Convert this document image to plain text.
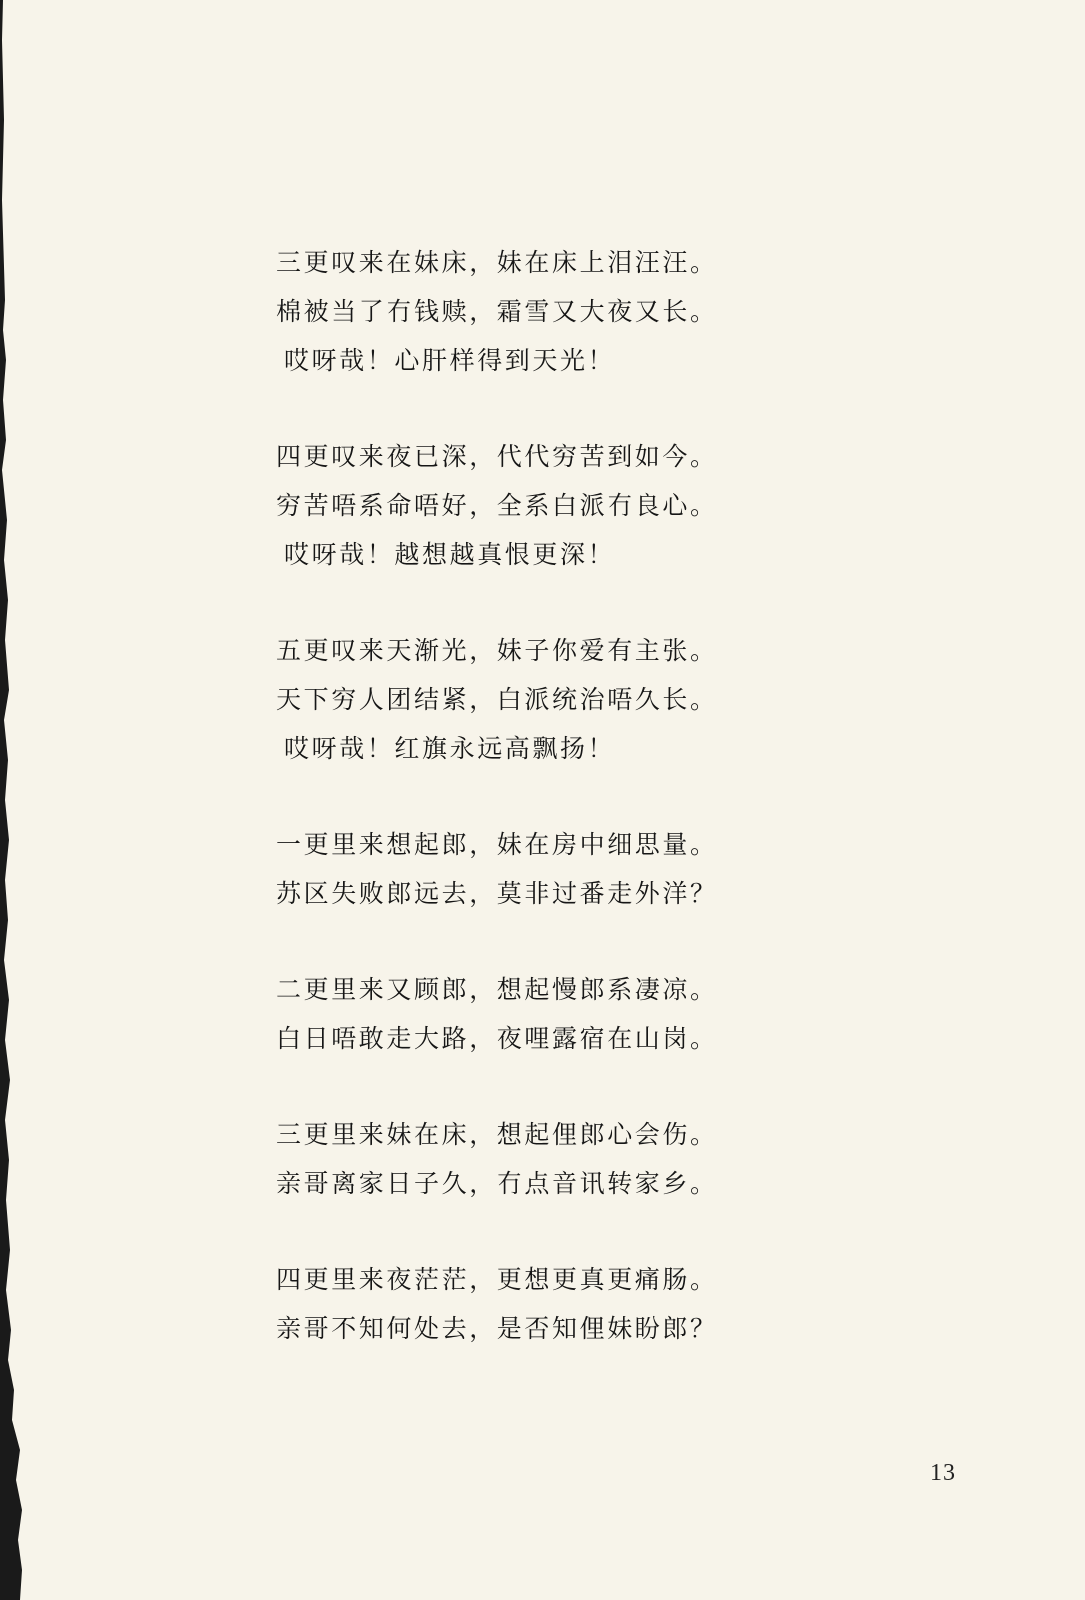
三更叹来在妹床，妹在床上泪汪汪。
棉被当了冇钱赎，霜雪又大夜又长。
哎呀哉！心肝样得到天光！
四更叹来夜已深，代代穷苦到如今。
穷苦唔系命唔好，全系白派冇良心。
哎呀哉！越想越真恨更深！
五更叹来天渐光，妹子你爱有主张。
天下穷人团结紧，白派统治唔久长。
哎呀哉！红旗永远高飘扬！
一更里来想起郎，妹在房中细思量。
苏区失败郎远去，莫非过番走外洋？
二更里来又顾郎，想起慢郎系凄凉。
白日唔敢走大路，夜哩露宿在山岗。
三更里来妹在床，想起俚郎心会伤。
亲哥离家日子久，冇点音讯转家乡。
四更里来夜茫茫，更想更真更痛肠。
亲哥不知何处去，是否知俚妹盼郎？
13
